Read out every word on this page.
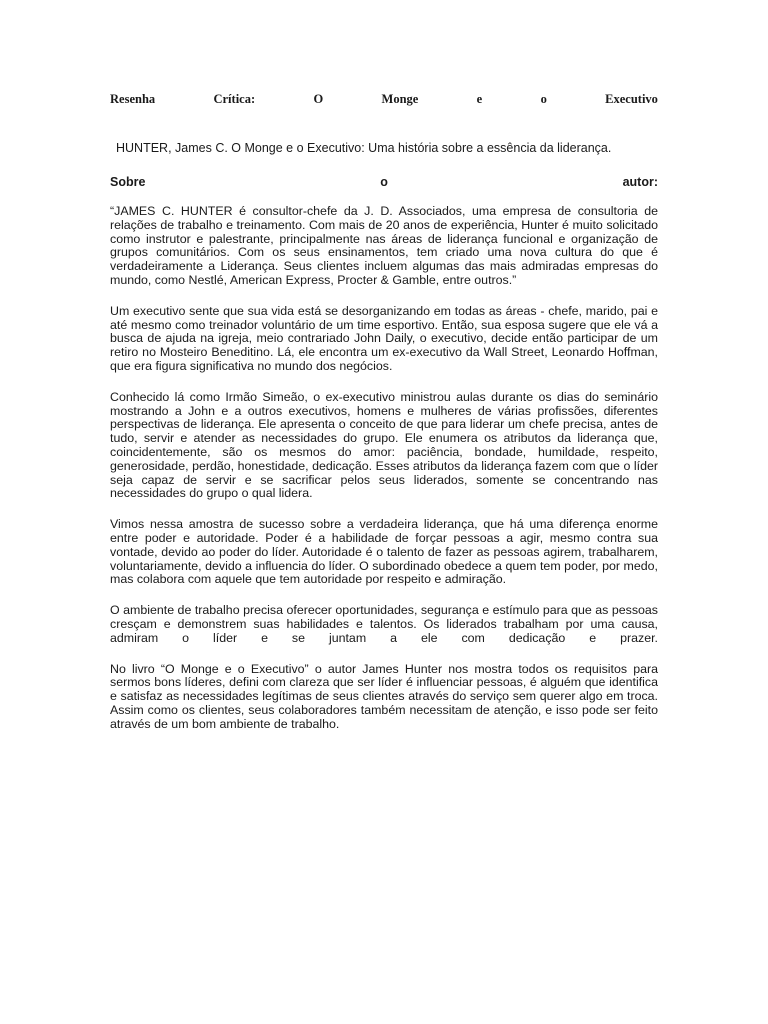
Resenha	Crítica:	O	Monge	e	o	Executivo
HUNTER, James C. O Monge e o Executivo: Uma história sobre a essência da liderança.
Sobre	o	autor:

“JAMES C. HUNTER é consultor-chefe da J. D. Associados, uma empresa de consultoria de relações de trabalho e treinamento. Com mais de 20 anos de experiência, Hunter é muito solicitado como instrutor e palestrante, principalmente nas áreas de liderança funcional e organização de grupos comunitários. Com os seus ensinamentos, tem criado uma nova cultura do que é verdadeiramente a Liderança. Seus clientes incluem algumas das mais admiradas empresas do mundo, como Nestlé, American Express, Procter & Gamble, entre outros.”

Um executivo sente que sua vida está se desorganizando em todas as áreas - chefe, marido, pai e até mesmo como treinador voluntário de um time esportivo. Então, sua esposa sugere que ele vá a busca de ajuda na igreja, meio contrariado John Daily, o executivo, decide então participar de um retiro no Mosteiro Beneditino. Lá, ele encontra um ex-executivo da Wall Street, Leonardo Hoffman, que era figura significativa no mundo dos negócios.

Conhecido lá como Irmão Simeão, o ex-executivo ministrou aulas durante os dias do seminário mostrando a John e a outros executivos, homens e mulheres de várias profissões, diferentes perspectivas de liderança. Ele apresenta o conceito de que para liderar um chefe precisa, antes de tudo, servir e atender as necessidades do grupo. Ele enumera os atributos da liderança que, coincidentemente, são os mesmos do amor: paciência, bondade, humildade, respeito, generosidade, perdão, honestidade, dedicação. Esses atributos da liderança fazem com que o líder seja capaz de servir e se sacrificar pelos seus liderados, somente se concentrando nas necessidades do grupo o qual lidera.

Vimos nessa amostra de sucesso sobre a verdadeira liderança, que há uma diferença enorme entre poder e autoridade. Poder é a habilidade de forçar pessoas a agir, mesmo contra sua vontade, devido ao poder do líder. Autoridade é o talento de fazer as pessoas agirem, trabalharem, voluntariamente, devido a influencia do líder. O subordinado obedece a quem tem poder, por medo, mas colabora com aquele que tem autoridade por respeito e admiração.

O ambiente de trabalho precisa oferecer oportunidades, segurança e estímulo para que as pessoas cresçam e demonstrem suas habilidades e talentos. Os liderados trabalham por uma causa, admiram o líder e se juntam a ele com dedicação e prazer.

No livro “O Monge e o Executivo” o autor James Hunter nos mostra todos os requisitos para sermos bons líderes, defini com clareza que ser líder é influenciar pessoas, é alguém que identifica e satisfaz as necessidades legítimas de seus clientes através do serviço sem querer algo em troca. Assim como os clientes, seus colaboradores também necessitam de atenção, e isso pode ser feito através de um bom ambiente de trabalho.
